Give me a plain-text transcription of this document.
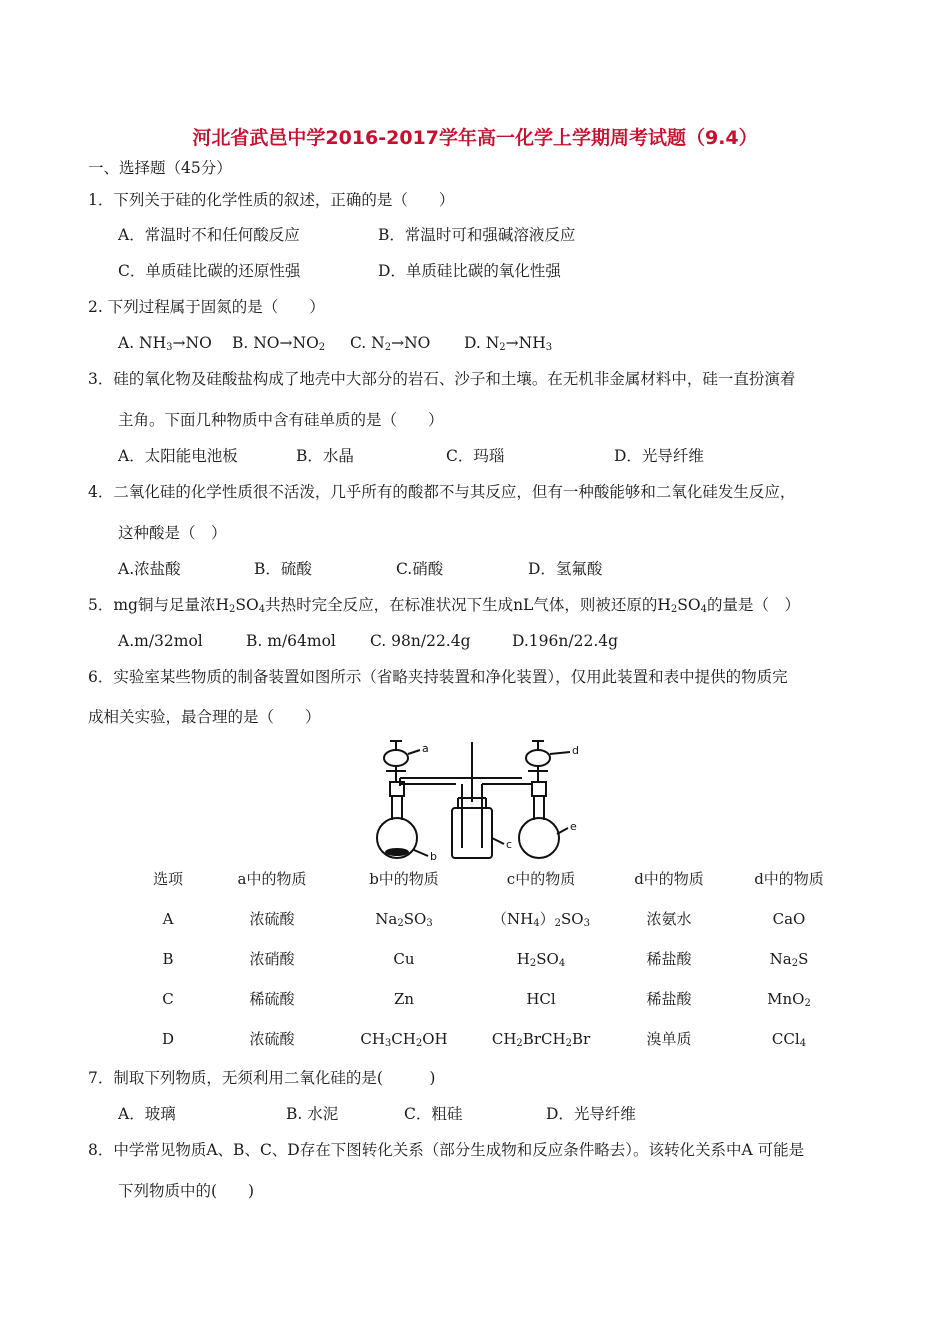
河北省武邑中学2016-2017学年高一化学上学期周考试题（9.4）
一、选择题（45分）
1．下列关于硅的化学性质的叙述，正确的是（　　）
A．常温时不和任何酸反应	B．常温时可和强碱溶液反应
C．单质硅比碳的还原性强	D．单质硅比碳的氧化性强
2. 下列过程属于固氮的是（　　）
A. $NH_3\to NO$ B. $NO\to NO_2$ C. $N_2\to NO$ D. $N_2\to NH_3$
3．硅的氧化物及硅酸盐构成了地壳中大部分的岩石、沙子和土壤。在无机非金属材料中，硅一直扮演着
主角。下面几种物质中含有硅单质的是（　　）
A．太阳能电池板	B．水晶	C．玛瑙	D．光导纤维
4．二氧化硅的化学性质很不活泼，几乎所有的酸都不与其反应，但有一种酸能够和二氧化硅发生反应，
这种酸是（　）
A.浓盐酸	B．硫酸	C.硝酸	D．氢氟酸
5．mg铜与足量浓$H_2SO_4$共热时完全反应，在标准状况下生成nL气体，则被还原的$H_2SO_4$的量是（　）
A.m/32mol	B. m/64mol C. 98n/22.4g	D.196n/22.4g
6．实验室某些物质的制备装置如图所示（省略夹持装置和净化装置），仅用此装置和表中提供的物质完
成相关实验，最合理的是（　　）
a
b
c
d
e
选项	a中的物质	b中的物质	c中的物质	d中的物质	d中的物质
A	浓硫酸	$Na_2SO_3$	$(NH_4)_2SO_3$	浓氨水	CaO
B	浓硝酸	Cu	$H_2SO_4$	稀盐酸	$Na_2S$
C	稀硫酸	Zn	HCl	稀盐酸	MnO$_2$
D	浓硫酸	$CH_3CH_2OH$	$CH_2BrCH_2Br$	溴单质	CCl$_4$
7．制取下列物质，无须利用二氧化硅的是(　　　)
A．玻璃	B. 水泥	C．粗硅	D．光导纤维
8．中学常见物质A、B、C、D存在下图转化关系（部分生成物和反应条件略去）。该转化关系中A 可能是
下列物质中的(　　)
